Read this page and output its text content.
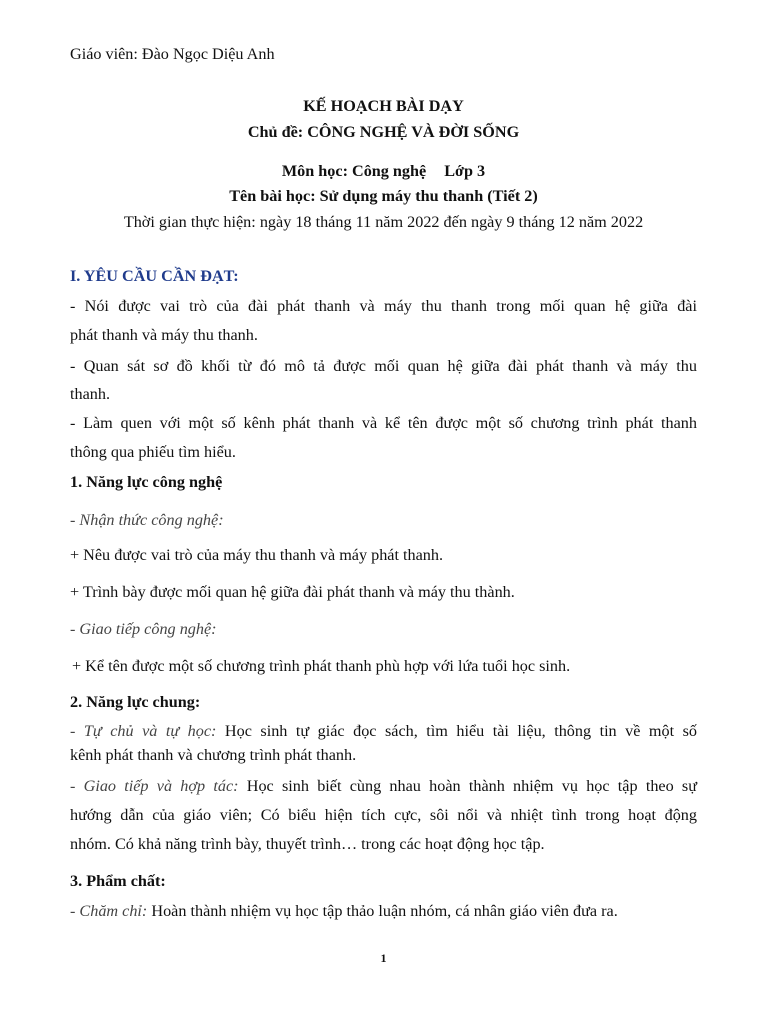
Giáo viên: Đào Ngọc Diệu Anh
KẾ HOẠCH BÀI DẠY
Chủ đề: CÔNG NGHỆ VÀ ĐỜI SỐNG
Môn học: Công nghệ Lớp 3
Tên bài học: Sử dụng máy thu thanh (Tiết 2)
Thời gian thực hiện: ngày 18 tháng 11 năm 2022 đến ngày 9 tháng 12 năm 2022
I. YÊU CẦU CẦN ĐẠT:
- Nói được vai trò của đài phát thanh và máy thu thanh trong mối quan hệ giữa đài
phát thanh và máy thu thanh.
- Quan sát sơ đồ khối từ đó mô tả được mối quan hệ giữa đài phát thanh và máy thu
thanh.
- Làm quen với một số kênh phát thanh và kể tên được một số chương trình phát thanh
thông qua phiếu tìm hiểu.
1. Năng lực công nghệ
- Nhận thức công nghệ:
+ Nêu được vai trò của máy thu thanh và máy phát thanh.
+ Trình bày được mối quan hệ giữa đài phát thanh và máy thu thành.
- Giao tiếp công nghệ:
+ Kể tên được một số chương trình phát thanh phù hợp với lứa tuổi học sinh.
2. Năng lực chung:
- Tự chủ và tự học: Học sinh tự giác đọc sách, tìm hiểu tài liệu, thông tin về một số
kênh phát thanh và chương trình phát thanh.
- Giao tiếp và hợp tác: Học sinh biết cùng nhau hoàn thành nhiệm vụ học tập theo sự
hướng dẫn của giáo viên; Có biểu hiện tích cực, sôi nổi và nhiệt tình trong hoạt động
nhóm. Có khả năng trình bày, thuyết trình… trong các hoạt động học tập.
3. Phẩm chất:
- Chăm chỉ: Hoàn thành nhiệm vụ học tập thảo luận nhóm, cá nhân giáo viên đưa ra.
1
